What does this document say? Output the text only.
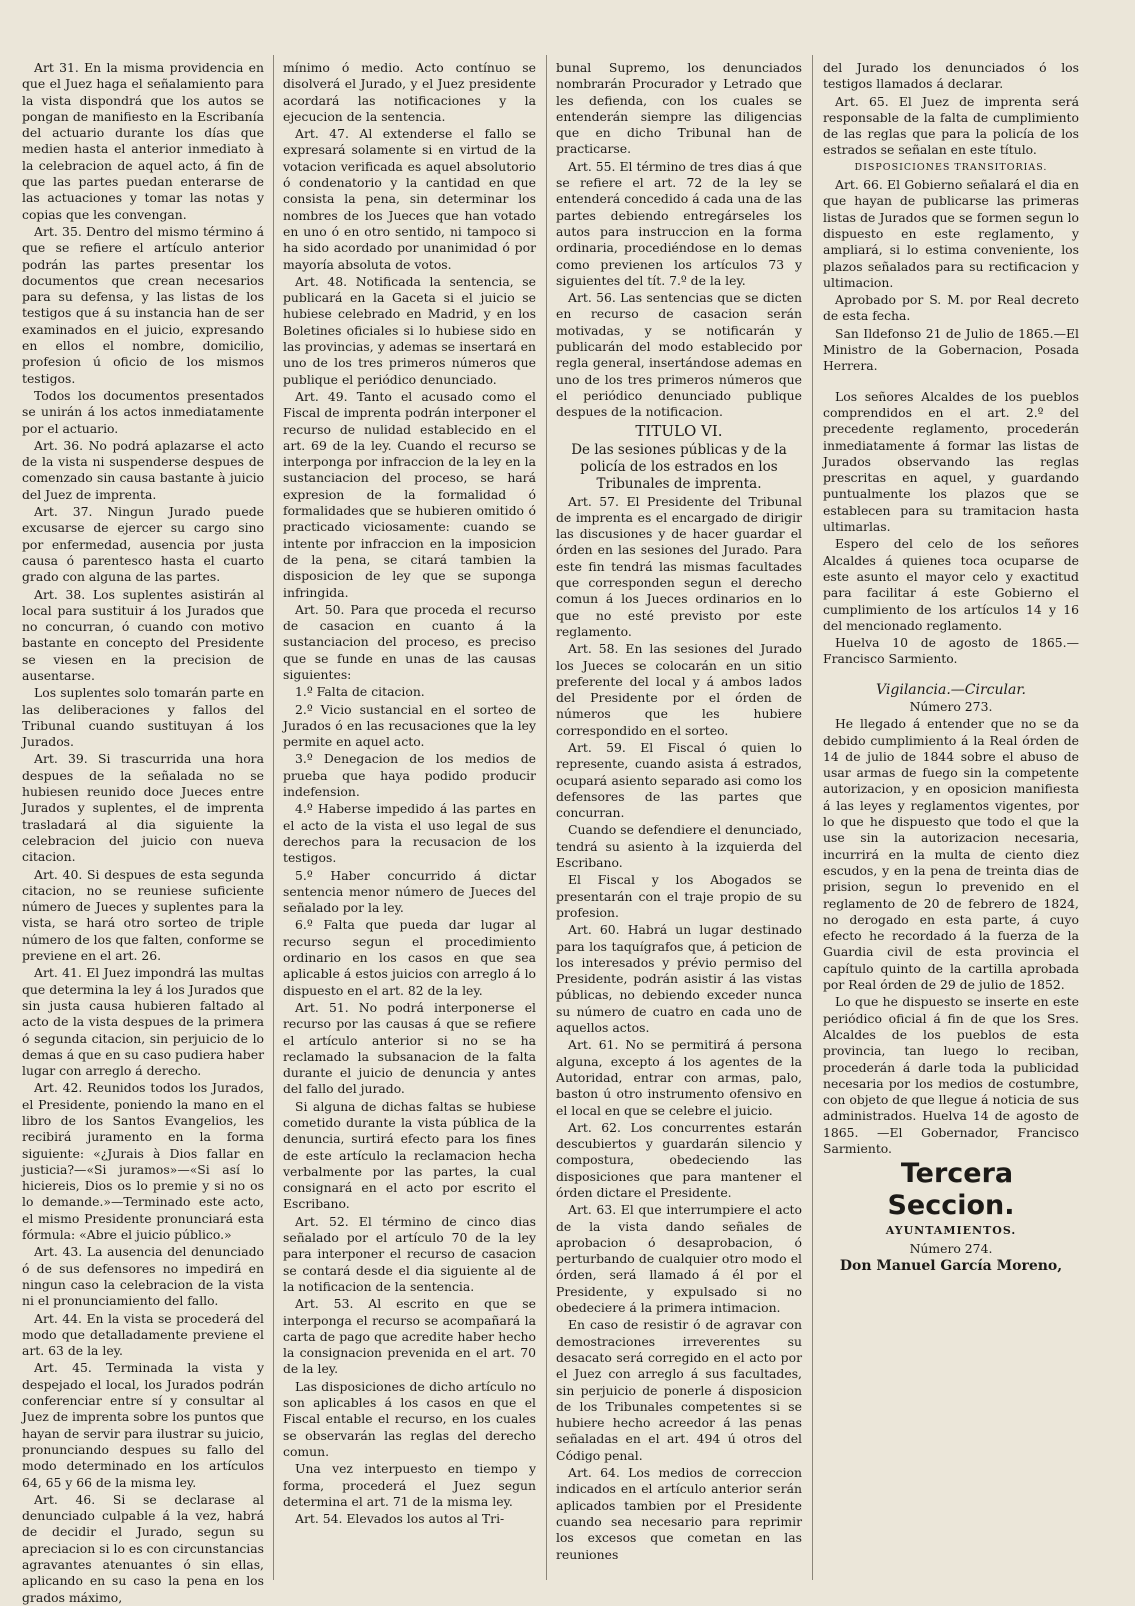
Art 31. En la misma providencia en que el Juez haga el señalamiento para la vista dispondrá que los autos se pongan de manifiesto en la Escribanía del actuario durante los días que medien hasta el anterior inmediato à la celebracion de aquel acto, á fin de que las partes puedan enterarse de las actuaciones y tomar las notas y copias que les convengan.

Art. 35. Dentro del mismo término á que se refiere el artículo anterior podrán las partes presentar los documentos que crean necesarios para su defensa, y las listas de los testigos que á su instancia han de ser examinados en el juicio, expresando en ellos el nombre, domicilio, profesion ú oficio de los mismos testigos.

Todos los documentos presentados se unirán á los actos inmediatamente por el actuario.

Art. 36. No podrá aplazarse el acto de la vista ni suspenderse despues de comenzado sin causa bastante à juicio del Juez de imprenta.

Art. 37. Ningun Jurado puede excusarse de ejercer su cargo sino por enfermedad, ausencia por justa causa ó parentesco hasta el cuarto grado con alguna de las partes.

Art. 38. Los suplentes asistirán al local para sustituir á los Jurados que no concurran, ó cuando con motivo bastante en concepto del Presidente se viesen en la precision de ausentarse.

Los suplentes solo tomarán parte en las deliberaciones y fallos del Tribunal cuando sustituyan á los Jurados.

Art. 39. Si trascurrida una hora despues de la señalada no se hubiesen reunido doce Jueces entre Jurados y suplentes, el de imprenta trasladará al dia siguiente la celebracion del juicio con nueva citacion.

Art. 40. Si despues de esta segunda citacion, no se reuniese suficiente número de Jueces y suplentes para la vista, se hará otro sorteo de triple número de los que falten, conforme se previene en el art. 26.

Art. 41. El Juez impondrá las multas que determina la ley á los Jurados que sin justa causa hubieren faltado al acto de la vista despues de la primera ó segunda citacion, sin perjuicio de lo demas á que en su caso pudiera haber lugar con arreglo á derecho.

Art. 42. Reunidos todos los Jurados, el Presidente, poniendo la mano en el libro de los Santos Evangelios, les recibirá juramento en la forma siguiente: «¿Jurais à Dios fallar en justicia?—«Si juramos»—«Si así lo hiciereis, Dios os lo premie y si no os lo demande.»—Terminado este acto, el mismo Presidente pronunciará esta fórmula: «Abre el juicio público.»

Art. 43. La ausencia del denunciado ó de sus defensores no impedirá en ningun caso la celebracion de la vista ni el pronunciamiento del fallo.

Art. 44. En la vista se procederá del modo que detalladamente previene el art. 63 de la ley.

Art. 45. Terminada la vista y despejado el local, los Jurados podrán conferenciar entre sí y consultar al Juez de imprenta sobre los puntos que hayan de servir para ilustrar su juicio, pronunciando despues su fallo del modo determinado en los artículos 64, 65 y 66 de la misma ley.

Art. 46. Si se declarase al denunciado culpable á la vez, habrá de decidir el Jurado, segun su apreciacion si lo es con circunstancias agravantes atenuantes ó sin ellas, aplicando en su caso la pena en los grados máximo,

mínimo ó medio. Acto contínuo se disolverá el Jurado, y el Juez presidente acordará las notificaciones y la ejecucion de la sentencia.

Art. 47. Al extenderse el fallo se expresará solamente si en virtud de la votacion verificada es aquel absolutorio ó condenatorio y la cantidad en que consista la pena, sin determinar los nombres de los Jueces que han votado en uno ó en otro sentido, ni tampoco si ha sido acordado por unanimidad ó por mayoría absoluta de votos.

Art. 48. Notificada la sentencia, se publicará en la Gaceta si el juicio se hubiese celebrado en Madrid, y en los Boletines oficiales si lo hubiese sido en las provincias, y ademas se insertará en uno de los tres primeros números que publique el periódico denunciado.

Art. 49. Tanto el acusado como el Fiscal de imprenta podrán interponer el recurso de nulidad establecido en el art. 69 de la ley. Cuando el recurso se interponga por infraccion de la ley en la sustanciacion del proceso, se hará expresion de la formalidad ó formalidades que se hubieren omitido ó practicado viciosamente: cuando se intente por infraccion en la imposicion de la pena, se citará tambien la disposicion de ley que se suponga infringida.

Art. 50. Para que proceda el recurso de casacion en cuanto á la sustanciacion del proceso, es preciso que se funde en unas de las causas siguientes:

1.º Falta de citacion.

2.º Vicio sustancial en el sorteo de Jurados ó en las recusaciones que la ley permite en aquel acto.

3.º Denegacion de los medios de prueba que haya podido producir indefension.

4.º Haberse impedido á las partes en el acto de la vista el uso legal de sus derechos para la recusacion de los testigos.

5.º Haber concurrido á dictar sentencia menor número de Jueces del señalado por la ley.

6.º Falta que pueda dar lugar al recurso segun el procedimiento ordinario en los casos en que sea aplicable á estos juicios con arreglo á lo dispuesto en el art. 82 de la ley.

Art. 51. No podrá interponerse el recurso por las causas á que se refiere el artículo anterior si no se ha reclamado la subsanacion de la falta durante el juicio de denuncia y antes del fallo del jurado.

Si alguna de dichas faltas se hubiese cometido durante la vista pública de la denuncia, surtirá efecto para los fines de este artículo la reclamacion hecha verbalmente por las partes, la cual consignará en el acto por escrito el Escribano.

Art. 52. El término de cinco dias señalado por el artículo 70 de la ley para interponer el recurso de casacion se contará desde el dia siguiente al de la notificacion de la sentencia.

Art. 53. Al escrito en que se interponga el recurso se acompañará la carta de pago que acredite haber hecho la consignacion prevenida en el art. 70 de la ley.

Las disposiciones de dicho artículo no son aplicables á los casos en que el Fiscal entable el recurso, en los cuales se observarán las reglas del derecho comun.

Una vez interpuesto en tiempo y forma, procederá el Juez segun determina el art. 71 de la misma ley.

Art. 54. Elevados los autos al Tri-

bunal Supremo, los denunciados nombrarán Procurador y Letrado que les defienda, con los cuales se entenderán siempre las diligencias que en dicho Tribunal han de practicarse.

Art. 55. El término de tres dias á que se refiere el art. 72 de la ley se entenderá concedido á cada una de las partes debiendo entregárseles los autos para instruccion en la forma ordinaria, procediéndose en lo demas como previenen los artículos 73 y siguientes del tít. 7.º de la ley.

Art. 56. Las sentencias que se dicten en recurso de casacion serán motivadas, y se notificarán y publicarán del modo establecido por regla general, insertándose ademas en uno de los tres primeros números que el periódico denunciado publique despues de la notificacion.

TITULO VI.

De las sesiones públicas y de la policía de los estrados en los Tribunales de imprenta.

Art. 57. El Presidente del Tribunal de imprenta es el encargado de dirigir las discusiones y de hacer guardar el órden en las sesiones del Jurado. Para este fin tendrá las mismas facultades que corresponden segun el derecho comun á los Jueces ordinarios en lo que no esté previsto por este reglamento.

Art. 58. En las sesiones del Jurado los Jueces se colocarán en un sitio preferente del local y á ambos lados del Presidente por el órden de números que les hubiere correspondido en el sorteo.

Art. 59. El Fiscal ó quien lo represente, cuando asista á estrados, ocupará asiento separado asi como los defensores de las partes que concurran.

Cuando se defendiere el denunciado, tendrá su asiento à la izquierda del Escribano.

El Fiscal y los Abogados se presentarán con el traje propio de su profesion.

Art. 60. Habrá un lugar destinado para los taquígrafos que, á peticion de los interesados y prévio permiso del Presidente, podrán asistir á las vistas públicas, no debiendo exceder nunca su número de cuatro en cada uno de aquellos actos.

Art. 61. No se permitirá á persona alguna, excepto á los agentes de la Autoridad, entrar con armas, palo, baston ú otro instrumento ofensivo en el local en que se celebre el juicio.

Art. 62. Los concurrentes estarán descubiertos y guardarán silencio y compostura, obedeciendo las disposiciones que para mantener el órden dictare el Presidente.

Art. 63. El que interrumpiere el acto de la vista dando señales de aprobacion ó desaprobacion, ó perturbando de cualquier otro modo el órden, será llamado á él por el Presidente, y expulsado si no obedeciere á la primera intimacion.

En caso de resistir ó de agravar con demostraciones irreverentes su desacato será corregido en el acto por el Juez con arreglo á sus facultades, sin perjuicio de ponerle á disposicion de los Tribunales competentes si se hubiere hecho acreedor á las penas señaladas en el art. 494 ú otros del Código penal.

Art. 64. Los medios de correccion indicados en el artículo anterior serán aplicados tambien por el Presidente cuando sea necesario para reprimir los excesos que cometan en las reuniones

del Jurado los denunciados ó los testigos llamados á declarar.

Art. 65. El Juez de imprenta será responsable de la falta de cumplimiento de las reglas que para la policía de los estrados se señalan en este título.

DISPOSICIONES TRANSITORIAS.

Art. 66. El Gobierno señalará el dia en que hayan de publicarse las primeras listas de Jurados que se formen segun lo dispuesto en este reglamento, y ampliará, si lo estima conveniente, los plazos señalados para su rectificacion y ultimacion.

Aprobado por S. M. por Real decreto de esta fecha.

San Ildefonso 21 de Julio de 1865.—El Ministro de la Gobernacion, Posada Herrera.

Los señores Alcaldes de los pueblos comprendidos en el art. 2.º del precedente reglamento, procederán inmediatamente á formar las listas de Jurados observando las reglas prescritas en aquel, y guardando puntualmente los plazos que se establecen para su tramitacion hasta ultimarlas.

Espero del celo de los señores Alcaldes á quienes toca ocuparse de este asunto el mayor celo y exactitud para facilitar á este Gobierno el cumplimiento de los artículos 14 y 16 del mencionado reglamento.

Huelva 10 de agosto de 1865.—Francisco Sarmiento.

Vigilancia.—Circular.

Número 273.

He llegado á entender que no se da debido cumplimiento á la Real órden de 14 de julio de 1844 sobre el abuso de usar armas de fuego sin la competente autorizacion, y en oposicion manifiesta á las leyes y reglamentos vigentes, por lo que he dispuesto que todo el que la use sin la autorizacion necesaria, incurrirá en la multa de ciento diez escudos, y en la pena de treinta dias de prision, segun lo prevenido en el reglamento de 20 de febrero de 1824, no derogado en esta parte, á cuyo efecto he recordado á la fuerza de la Guardia civil de esta provincia el capítulo quinto de la cartilla aprobada por Real órden de 29 de julio de 1852.

Lo que he dispuesto se inserte en este periódico oficial á fin de que los Sres. Alcaldes de los pueblos de esta provincia, tan luego lo reciban, procederán á darle toda la publicidad necesaria por los medios de costumbre, con objeto de que llegue á noticia de sus administrados. Huelva 14 de agosto de 1865. —El Gobernador, Francisco Sarmiento.

Tercera Seccion.

AYUNTAMIENTOS.

Número 274.

Don Manuel García Moreno,
